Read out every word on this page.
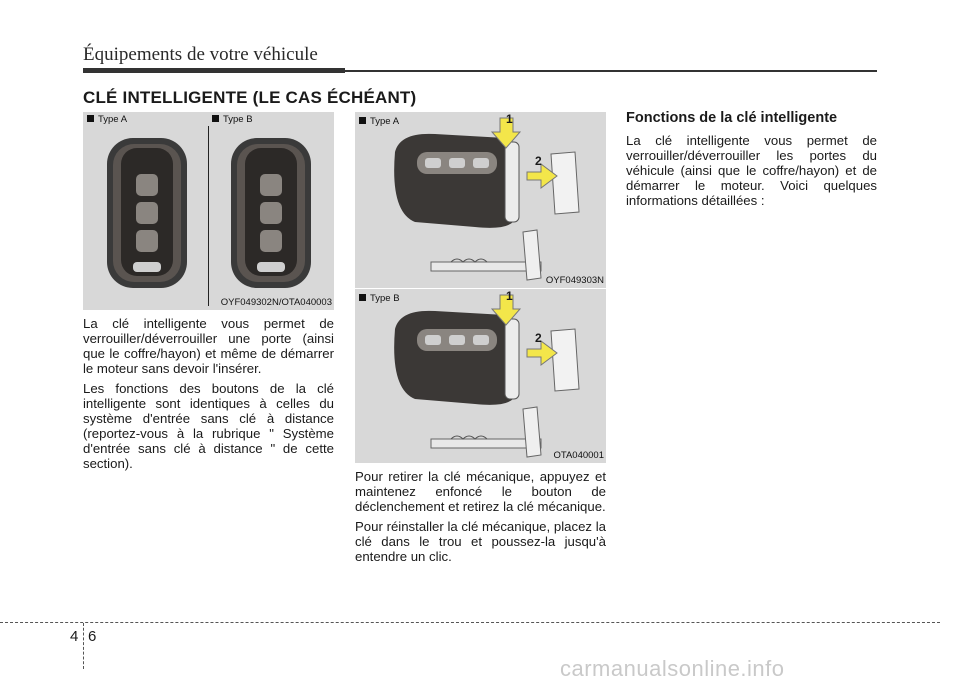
Équipements de votre véhicule
CLÉ INTELLIGENTE (LE CAS ÉCHÉANT)
Type A	Type B
OYF049302N/OTA040003
Type A	1
2
OYF049303N
Type B	1
2
OTA040001

La clé intelligente vous permet de verrouiller/déverrouiller une porte (ainsi que le coffre/hayon) et même de démarrer le moteur sans devoir l'insérer.

Les fonctions des boutons de la clé intelligente sont identiques à celles du système d'entrée sans clé à distance (reportez-vous à la rubrique " Système d'entrée sans clé à distance " de cette section).

Pour retirer la clé mécanique, appuyez et maintenez enfoncé le bouton de déclenchement et retirez la clé mécanique.

Pour réinstaller la clé mécanique, placez la clé dans le trou et poussez-la jusqu'à entendre un clic.

Fonctions de la clé intelligente

La clé intelligente vous permet de verrouiller/déverrouiller les portes du véhicule (ainsi que le coffre/hayon) et de démarrer le moteur. Voici quelques informations détaillées :

4 6
carmanualsonline.info
